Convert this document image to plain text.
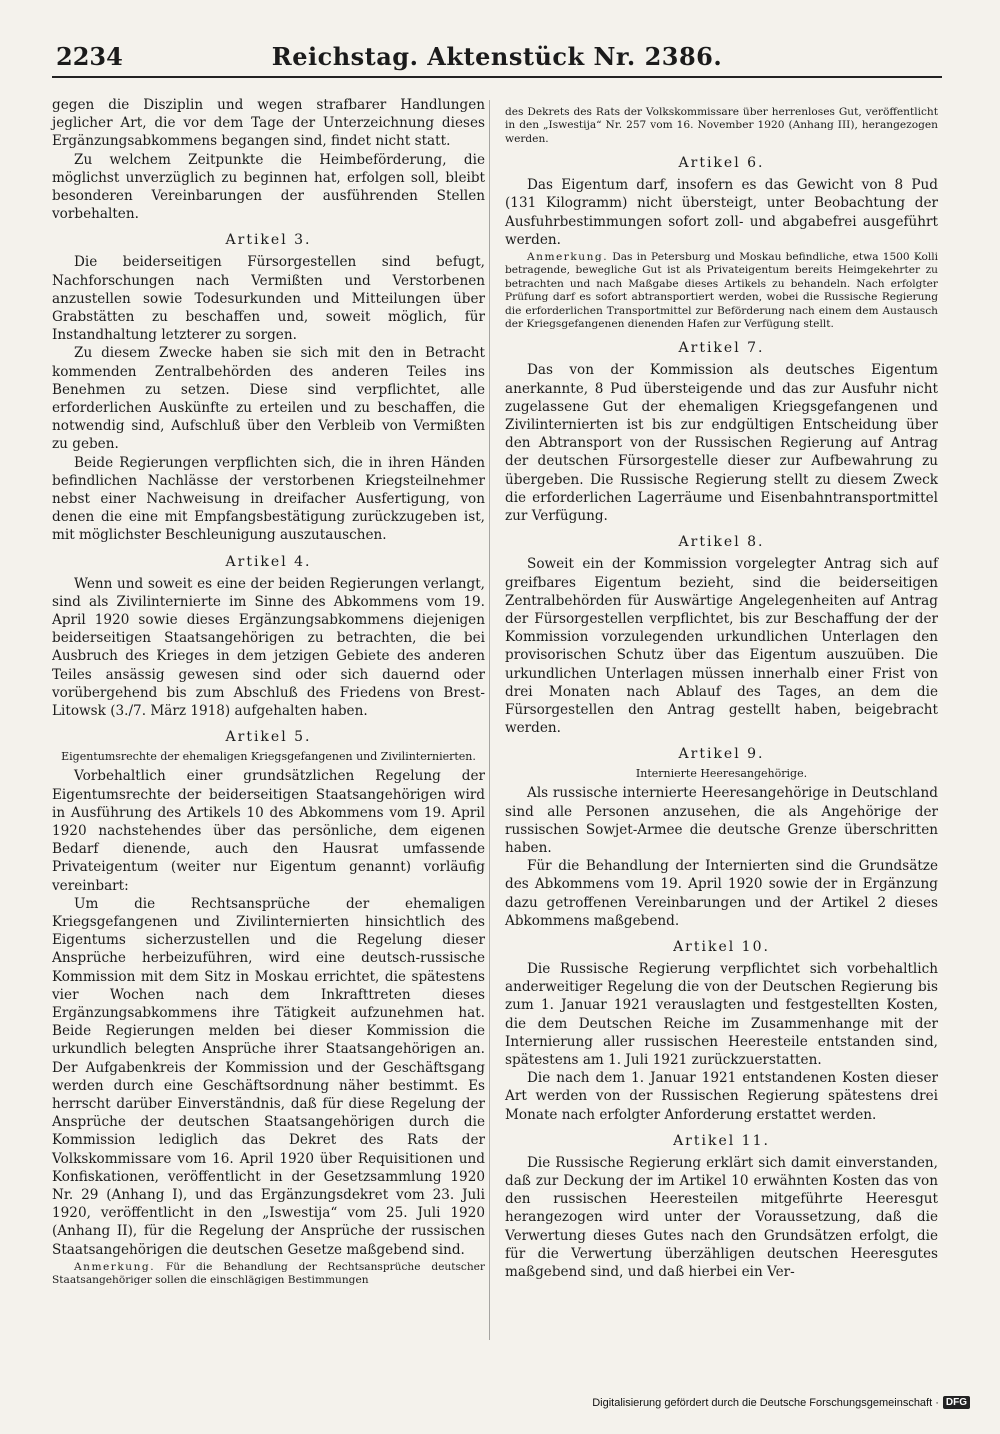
2234	Reichstag. Aktenstück Nr. 2386.

gegen die Disziplin und wegen strafbarer Handlungen jeglicher Art, die vor dem Tage der Unterzeichnung dieses Ergänzungsabkommens begangen sind, findet nicht statt.

Zu welchem Zeitpunkte die Heimbeförderung, die möglichst unverzüglich zu beginnen hat, erfolgen soll, bleibt besonderen Vereinbarungen der ausführenden Stellen vorbehalten.

Artikel 3.

Die beiderseitigen Fürsorgestellen sind befugt, Nachforschungen nach Vermißten und Verstorbenen anzustellen sowie Todesurkunden und Mitteilungen über Grabstätten zu beschaffen und, soweit möglich, für Instandhaltung letzterer zu sorgen.

Zu diesem Zwecke haben sie sich mit den in Betracht kommenden Zentralbehörden des anderen Teiles ins Benehmen zu setzen. Diese sind verpflichtet, alle erforderlichen Auskünfte zu erteilen und zu beschaffen, die notwendig sind, Aufschluß über den Verbleib von Vermißten zu geben.

Beide Regierungen verpflichten sich, die in ihren Händen befindlichen Nachlässe der verstorbenen Kriegsteilnehmer nebst einer Nachweisung in dreifacher Ausfertigung, von denen die eine mit Empfangsbestätigung zurückzugeben ist, mit möglichster Beschleunigung auszutauschen.

Artikel 4.

Wenn und soweit es eine der beiden Regierungen verlangt, sind als Zivilinternierte im Sinne des Abkommens vom 19. April 1920 sowie dieses Ergänzungsabkommens diejenigen beiderseitigen Staatsangehörigen zu betrachten, die bei Ausbruch des Krieges in dem jetzigen Gebiete des anderen Teiles ansässig gewesen sind oder sich dauernd oder vorübergehend bis zum Abschluß des Friedens von Brest-Litowsk (3./7. März 1918) aufgehalten haben.

Artikel 5.
Eigentumsrechte der ehemaligen Kriegsgefangenen und Zivilinternierten.

Vorbehaltlich einer grundsätzlichen Regelung der Eigentumsrechte der beiderseitigen Staatsangehörigen wird in Ausführung des Artikels 10 des Abkommens vom 19. April 1920 nachstehendes über das persönliche, dem eigenen Bedarf dienende, auch den Hausrat umfassende Privateigentum (weiter nur Eigentum genannt) vorläufig vereinbart:

Um die Rechtsansprüche der ehemaligen Kriegsgefangenen und Zivilinternierten hinsichtlich des Eigentums sicherzustellen und die Regelung dieser Ansprüche herbeizuführen, wird eine deutsch-russische Kommission mit dem Sitz in Moskau errichtet, die spätestens vier Wochen nach dem Inkrafttreten dieses Ergänzungsabkommens ihre Tätigkeit aufzunehmen hat. Beide Regierungen melden bei dieser Kommission die urkundlich belegten Ansprüche ihrer Staatsangehörigen an. Der Aufgabenkreis der Kommission und der Geschäftsgang werden durch eine Geschäftsordnung näher bestimmt. Es herrscht darüber Einverständnis, daß für diese Regelung der Ansprüche der deutschen Staatsangehörigen durch die Kommission lediglich das Dekret des Rats der Volkskommissare vom 16. April 1920 über Requisitionen und Konfiskationen, veröffentlicht in der Gesetzsammlung 1920 Nr. 29 (Anhang I), und das Ergänzungsdekret vom 23. Juli 1920, veröffentlicht in den „Iswestija“ vom 25. Juli 1920 (Anhang II), für die Regelung der Ansprüche der russischen Staatsangehörigen die deutschen Gesetze maßgebend sind.

Anmerkung. Für die Behandlung der Rechtsansprüche deutscher Staatsangehöriger sollen die einschlägigen Bestimmungen

des Dekrets des Rats der Volkskommissare über herrenloses Gut, veröffentlicht in den „Iswestija“ Nr. 257 vom 16. November 1920 (Anhang III), herangezogen werden.

Artikel 6.

Das Eigentum darf, insofern es das Gewicht von 8 Pud (131 Kilogramm) nicht übersteigt, unter Beobachtung der Ausfuhrbestimmungen sofort zoll- und abgabefrei ausgeführt werden.

Anmerkung. Das in Petersburg und Moskau befindliche, etwa 1500 Kolli betragende, bewegliche Gut ist als Privateigentum bereits Heimgekehrter zu betrachten und nach Maßgabe dieses Artikels zu behandeln. Nach erfolgter Prüfung darf es sofort abtransportiert werden, wobei die Russische Regierung die erforderlichen Transportmittel zur Beförderung nach einem dem Austausch der Kriegsgefangenen dienenden Hafen zur Verfügung stellt.

Artikel 7.

Das von der Kommission als deutsches Eigentum anerkannte, 8 Pud übersteigende und das zur Ausfuhr nicht zugelassene Gut der ehemaligen Kriegsgefangenen und Zivilinternierten ist bis zur endgültigen Entscheidung über den Abtransport von der Russischen Regierung auf Antrag der deutschen Fürsorgestelle dieser zur Aufbewahrung zu übergeben. Die Russische Regierung stellt zu diesem Zweck die erforderlichen Lagerräume und Eisenbahntransportmittel zur Verfügung.

Artikel 8.

Soweit ein der Kommission vorgelegter Antrag sich auf greifbares Eigentum bezieht, sind die beiderseitigen Zentralbehörden für Auswärtige Angelegenheiten auf Antrag der Fürsorgestellen verpflichtet, bis zur Beschaffung der der Kommission vorzulegenden urkundlichen Unterlagen den provisorischen Schutz über das Eigentum auszuüben. Die urkundlichen Unterlagen müssen innerhalb einer Frist von drei Monaten nach Ablauf des Tages, an dem die Fürsorgestellen den Antrag gestellt haben, beigebracht werden.

Artikel 9.
Internierte Heeresangehörige.

Als russische internierte Heeresangehörige in Deutschland sind alle Personen anzusehen, die als Angehörige der russischen Sowjet-Armee die deutsche Grenze überschritten haben.

Für die Behandlung der Internierten sind die Grundsätze des Abkommens vom 19. April 1920 sowie der in Ergänzung dazu getroffenen Vereinbarungen und der Artikel 2 dieses Abkommens maßgebend.

Artikel 10.

Die Russische Regierung verpflichtet sich vorbehaltlich anderweitiger Regelung die von der Deutschen Regierung bis zum 1. Januar 1921 verauslagten und festgestellten Kosten, die dem Deutschen Reiche im Zusammenhange mit der Internierung aller russischen Heeresteile entstanden sind, spätestens am 1. Juli 1921 zurückzuerstatten.

Die nach dem 1. Januar 1921 entstandenen Kosten dieser Art werden von der Russischen Regierung spätestens drei Monate nach erfolgter Anforderung erstattet werden.

Artikel 11.

Die Russische Regierung erklärt sich damit einverstanden, daß zur Deckung der im Artikel 10 erwähnten Kosten das von den russischen Heeresteilen mitgeführte Heeresgut herangezogen wird unter der Voraussetzung, daß die Verwertung dieses Gutes nach den Grundsätzen erfolgt, die für die Verwertung überzähligen deutschen Heeresgutes maßgebend sind, und daß hierbei ein Ver-

Digitalisierung gefördert durch die Deutsche Forschungsgemeinschaft · DFG
